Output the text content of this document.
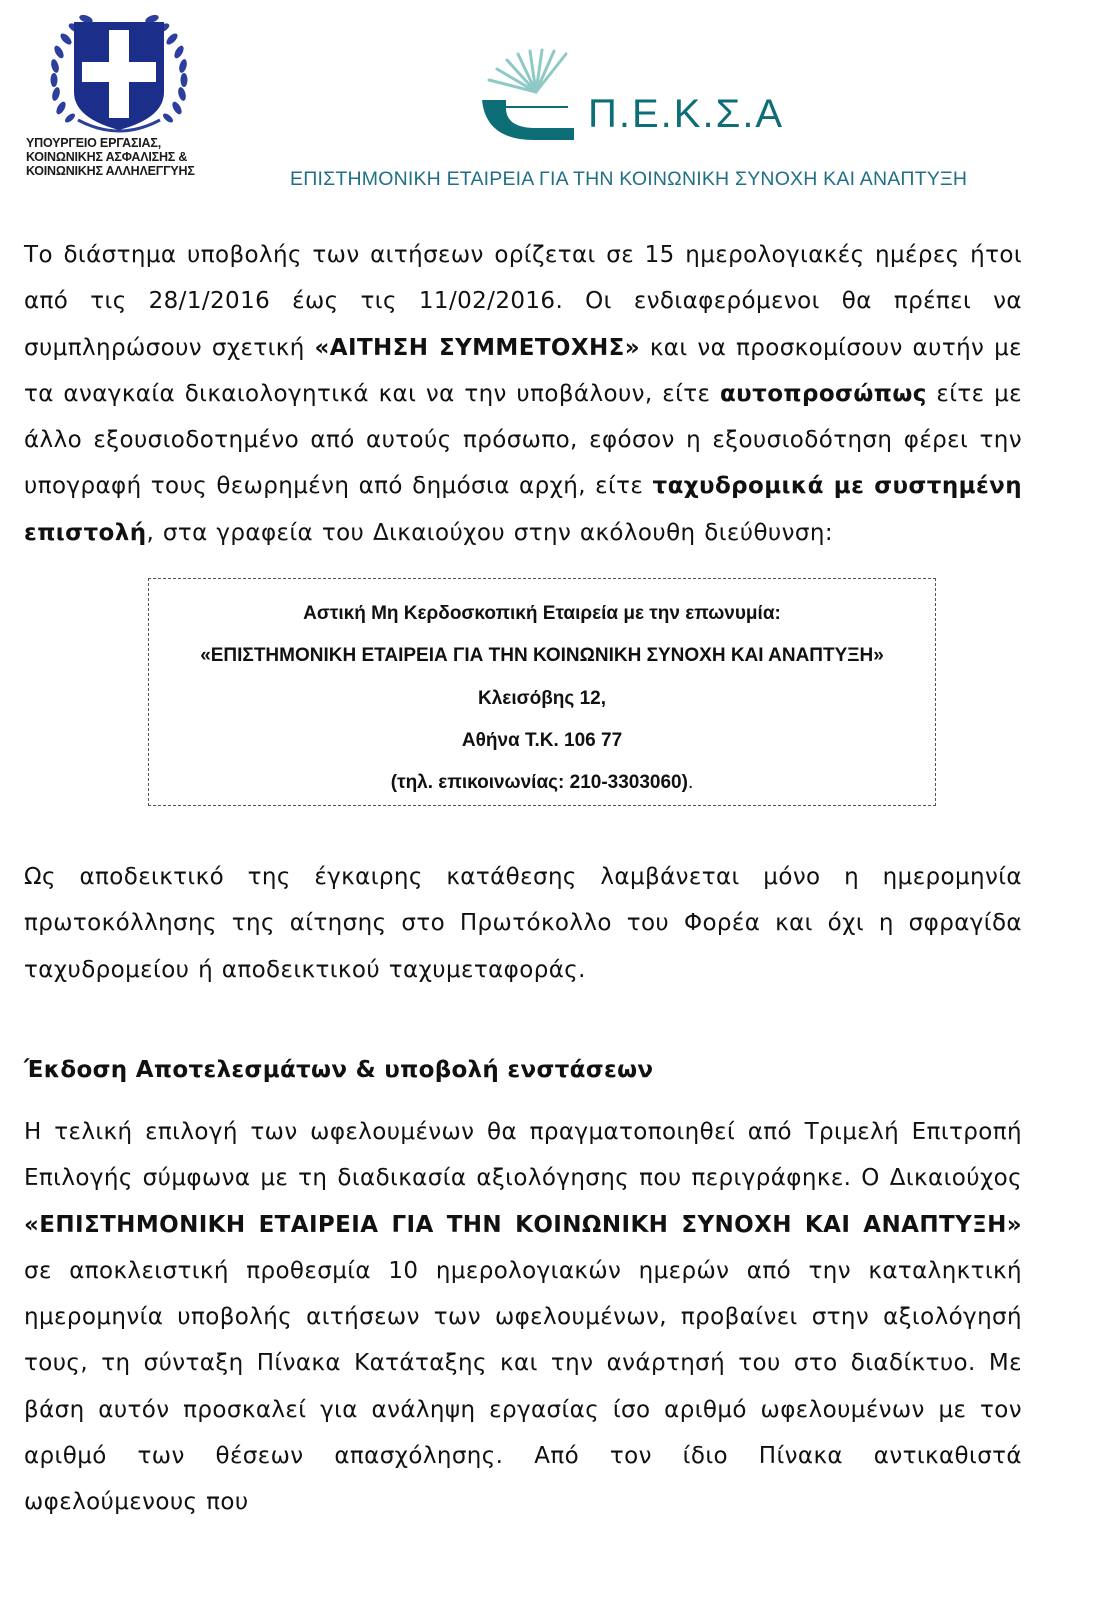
ΥΠΟΥΡΓΕΙΟ ΕΡΓΑΣΙΑΣ,
ΚΟΙΝΩΝΙΚΗΣ ΑΣΦΑΛΙΣΗΣ &
ΚΟΙΝΩΝΙΚΗΣ ΑΛΛΗΛΕΓΓΥΗΣ
Π.Ε.Κ.Σ.Α
ΕΠΙΣΤΗΜΟΝΙΚΗ ΕΤΑΙΡΕΙΑ ΓΙΑ ΤΗΝ ΚΟΙΝΩΝΙΚΗ ΣΥΝΟΧΗ ΚΑΙ ΑΝΑΠΤΥΞΗ

Το διάστημα υποβολής των αιτήσεων ορίζεται σε 15 ημερολογιακές ημέρες ήτοι από τις 28/1/2016 έως τις 11/02/2016. Οι ενδιαφερόμενοι θα πρέπει να συμπληρώσουν σχετική «ΑΙΤΗΣΗ ΣΥΜΜΕΤΟΧΗΣ» και να προσκομίσουν αυτήν με τα αναγκαία δικαιολογητικά και να την υποβάλουν, είτε αυτοπροσώπως είτε με άλλο εξουσιοδοτημένο από αυτούς πρόσωπο, εφόσον η εξουσιοδότηση φέρει την υπογραφή τους θεωρημένη από δημόσια αρχή, είτε ταχυδρομικά με συστημένη επιστολή, στα γραφεία του Δικαιούχου στην ακόλουθη διεύθυνση:

Αστική Μη Κερδοσκοπική Εταιρεία με την επωνυμία:
«ΕΠΙΣΤΗΜΟΝΙΚΗ ΕΤΑΙΡΕΙΑ ΓΙΑ ΤΗΝ ΚΟΙΝΩΝΙΚΗ ΣΥΝΟΧΗ ΚΑΙ ΑΝΑΠΤΥΞΗ»
Κλεισόβης 12,
Αθήνα Τ.Κ. 106 77
(τηλ. επικοινωνίας: 210-3303060).

Ως αποδεικτικό της έγκαιρης κατάθεσης λαμβάνεται μόνο η ημερομηνία πρωτοκόλλησης της αίτησης στο Πρωτόκολλο του Φορέα και όχι η σφραγίδα ταχυδρομείου ή αποδεικτικού ταχυμεταφοράς.

Έκδοση Αποτελεσμάτων & υποβολή ενστάσεων

Η τελική επιλογή των ωφελουμένων θα πραγματοποιηθεί από Τριμελή Επιτροπή Επιλογής σύμφωνα με τη διαδικασία αξιολόγησης που περιγράφηκε. Ο Δικαιούχος «ΕΠΙΣΤΗΜΟΝΙΚΗ ΕΤΑΙΡΕΙΑ ΓΙΑ ΤΗΝ ΚΟΙΝΩΝΙΚΗ ΣΥΝΟΧΗ ΚΑΙ ΑΝΑΠΤΥΞΗ» σε αποκλειστική προθεσμία 10 ημερολογιακών ημερών από την καταληκτική ημερομηνία υποβολής αιτήσεων των ωφελουμένων, προβαίνει στην αξιολόγησή τους, τη σύνταξη Πίνακα Κατάταξης και την ανάρτησή του στο διαδίκτυο. Με βάση αυτόν προσκαλεί για ανάληψη εργασίας ίσο αριθμό ωφελουμένων με τον αριθμό των θέσεων απασχόλησης. Από τον ίδιο Πίνακα αντικαθιστά ωφελούμενους που
